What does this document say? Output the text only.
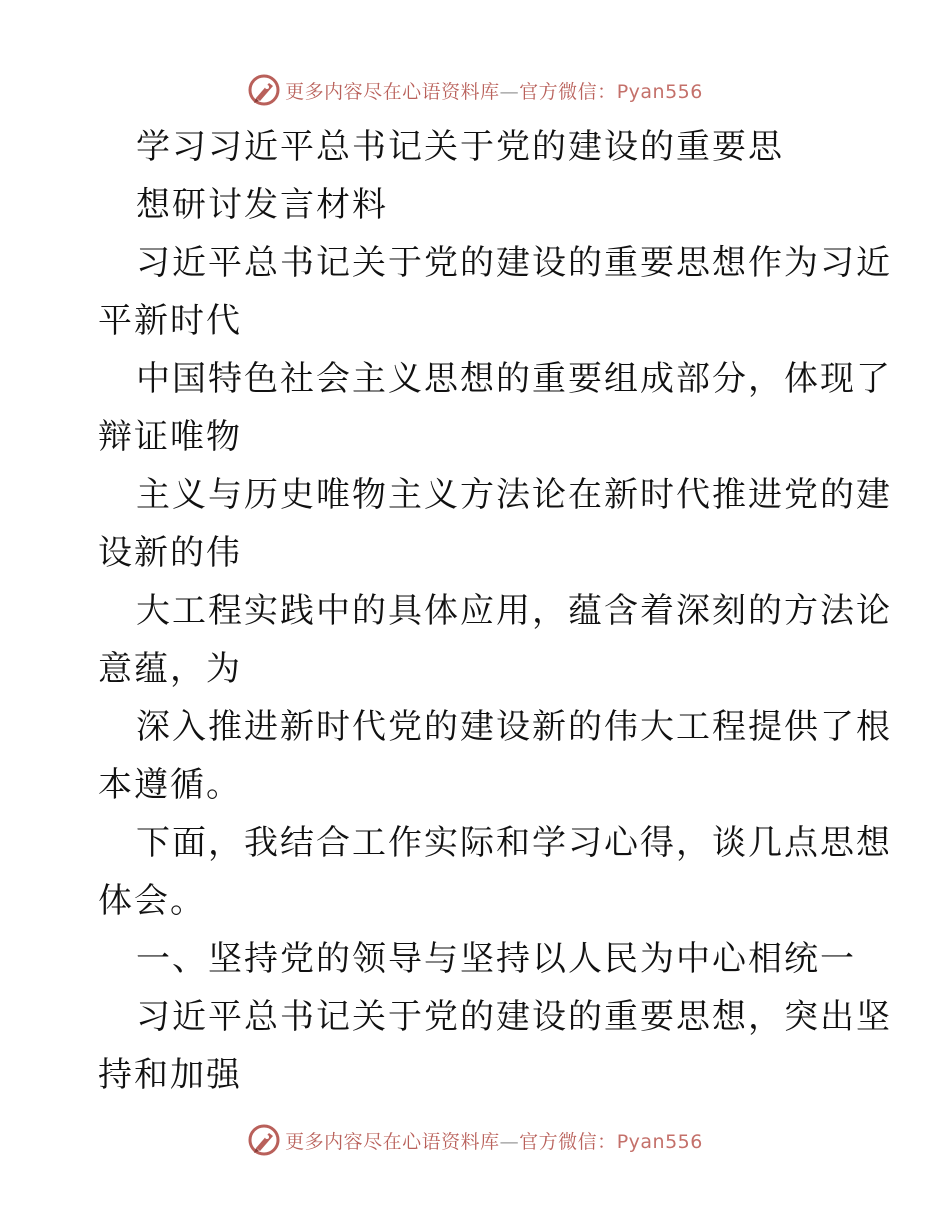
更多内容尽在心语资料库—官方微信：Pyan556
学习习近平总书记关于党的建设的重要思
想研讨发言材料
习近平总书记关于党的建设的重要思想作为习近
平新时代
中国特色社会主义思想的重要组成部分，体现了
辩证唯物
主义与历史唯物主义方法论在新时代推进党的建
设新的伟
大工程实践中的具体应用，蕴含着深刻的方法论
意蕴，为
深入推进新时代党的建设新的伟大工程提供了根
本遵循。
下面，我结合工作实际和学习心得，谈几点思想
体会。
一、坚持党的领导与坚持以人民为中心相统一
习近平总书记关于党的建设的重要思想，突出坚
持和加强
更多内容尽在心语资料库—官方微信：Pyan556
